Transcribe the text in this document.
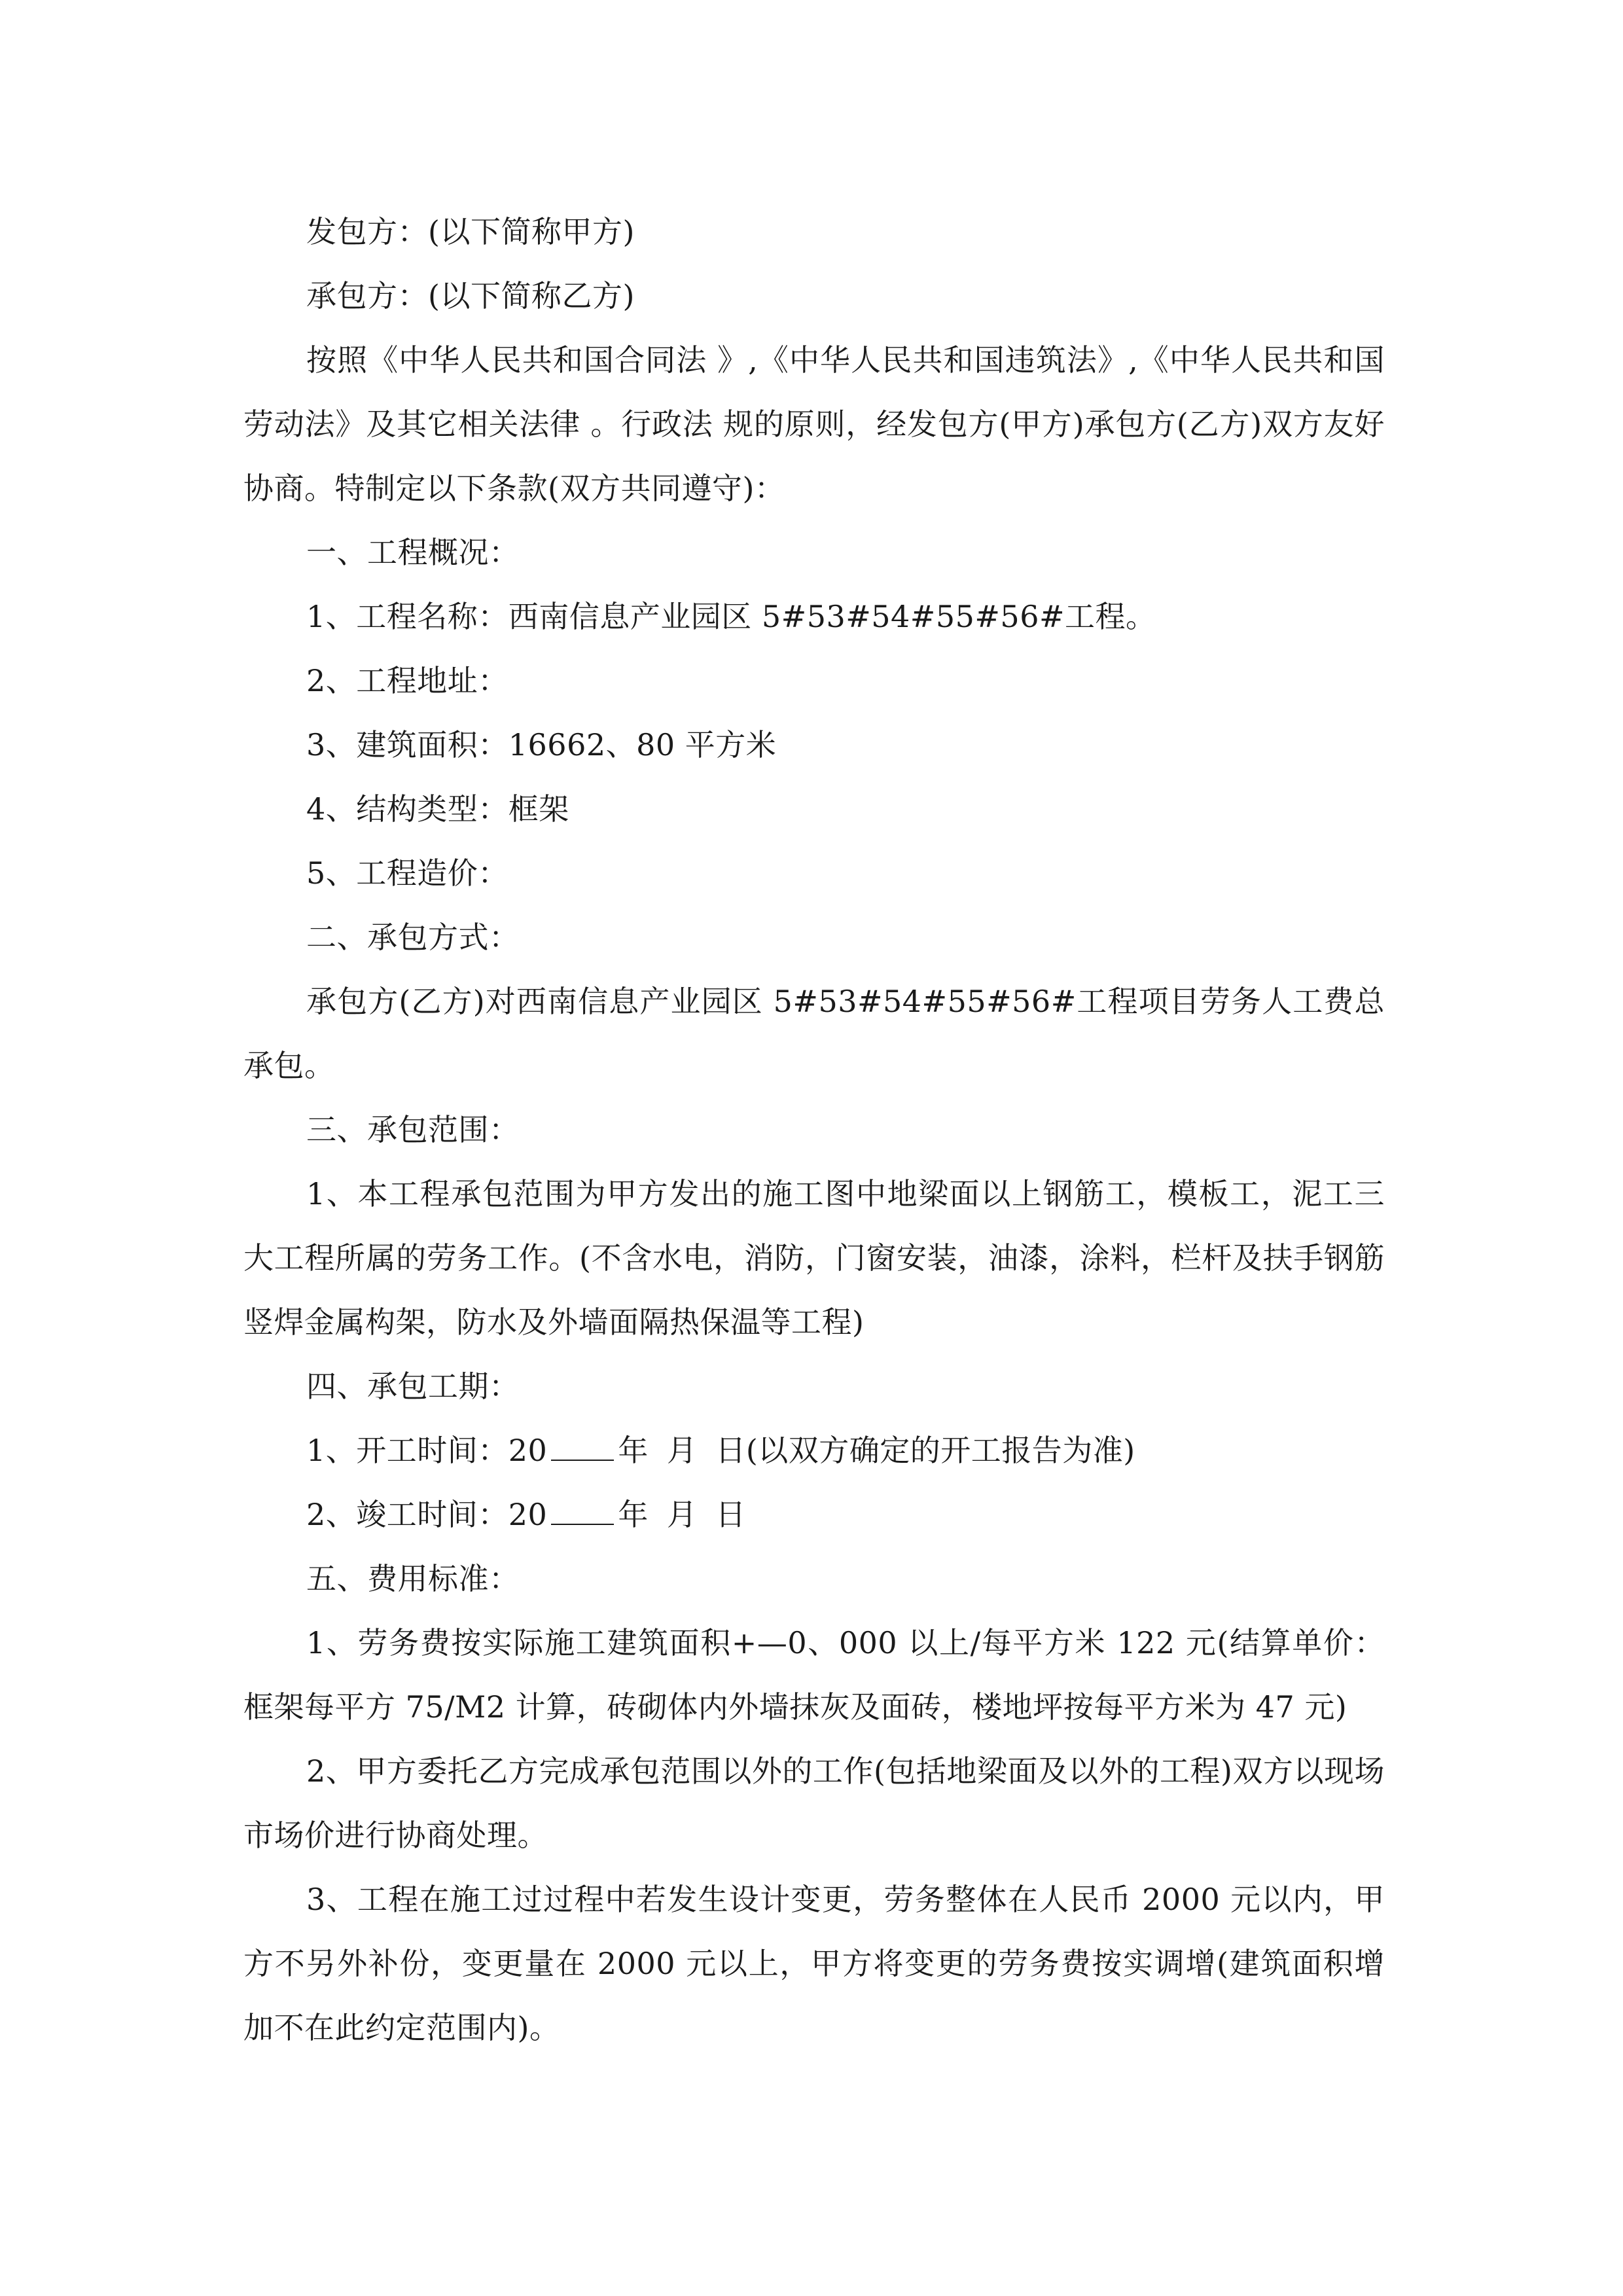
发包方：(以下简称甲方)

承包方：(以下简称乙方)

按照《中华人民共和国合同法 》,《中华人民共和国违筑法》,《中华人民共和国劳动法》及其它相关法律 。行政法 规的原则，经发包方(甲方)承包方(乙方)双方友好协商。特制定以下条款(双方共同遵守)：

一、工程概况：

1、工程名称：西南信息产业园区 5#53#54#55#56#工程。

2、工程地址：

3、建筑面积：16662、80 平方米

4、结构类型：框架

5、工程造价：

二、承包方式：

承包方(乙方)对西南信息产业园区 5#53#54#55#56#工程项目劳务人工费总承包。

三、承包范围：

1、本工程承包范围为甲方发出的施工图中地梁面以上钢筋工，模板工，泥工三大工程所属的劳务工作。(不含水电，消防，门窗安装，油漆，涂料，栏杆及扶手钢筋竖焊金属构架，防水及外墙面隔热保温等工程)

四、承包工期：

1、开工时间：20 年 月 日(以双方确定的开工报告为准)

2、竣工时间：20 年 月 日

五、费用标准：

1、劳务费按实际施工建筑面积+—0、000 以上/每平方米 122 元(结算单价：框架每平方 75/M2 计算，砖砌体内外墙抹灰及面砖，楼地坪按每平方米为 47 元)

2、甲方委托乙方完成承包范围以外的工作(包括地梁面及以外的工程)双方以现场市场价进行协商处理。

3、工程在施工过过程中若发生设计变更，劳务整体在人民币 2000 元以内，甲方不另外补份，变更量在 2000 元以上，甲方将变更的劳务费按实调增(建筑面积增加不在此约定范围内)。
